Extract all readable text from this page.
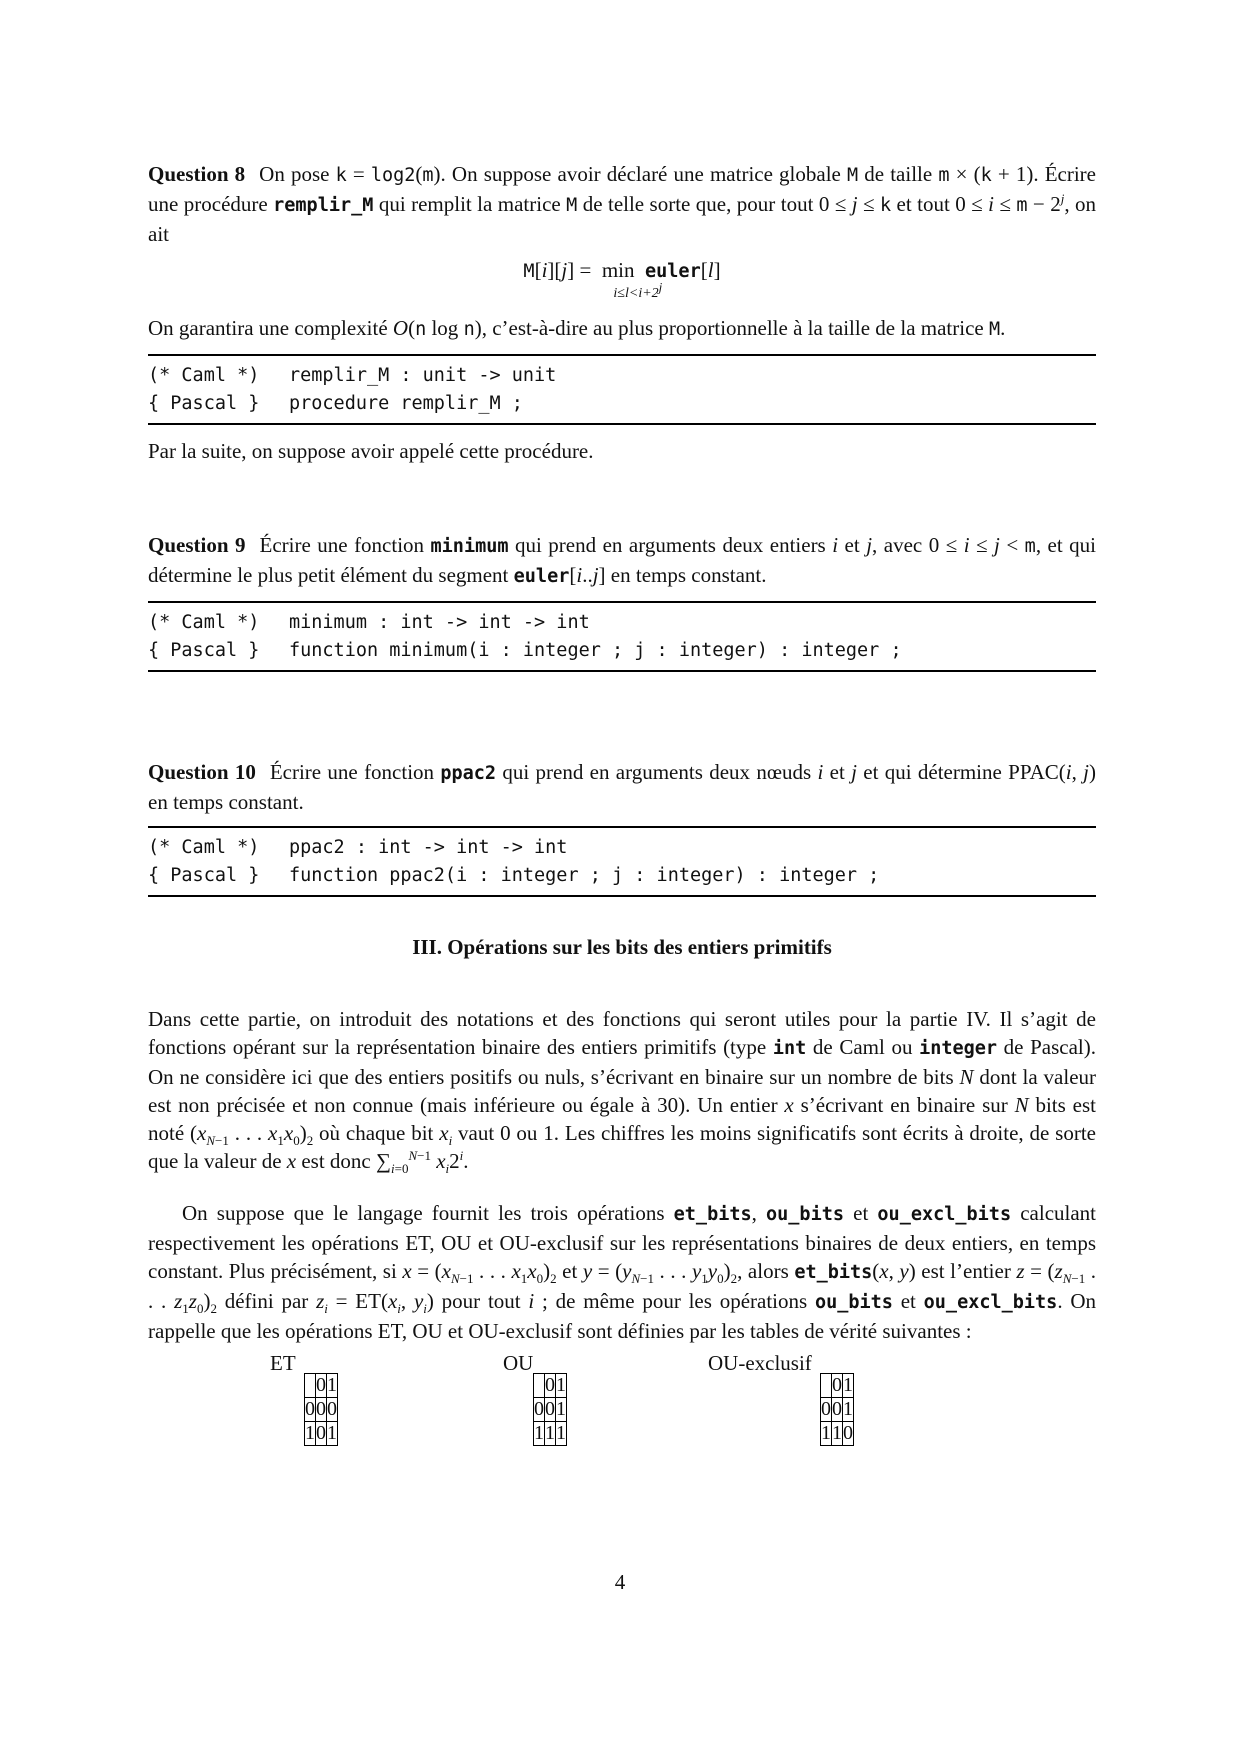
Question 8 On pose k = log2(m). On suppose avoir déclaré une matrice globale M de taille m × (k + 1). Écrire une procédure remplir_M qui remplit la matrice M de telle sorte que, pour tout 0 ≤ j ≤ k et tout $0 \le i \le m - 2^j$, on ait

M[i][j] =  min  euler[l]
$i\le l<i+2^j$

On garantira une complexité O(n log n), c’est-à-dire au plus proportionnelle à la taille de la matrice M.

(* Caml *)	remplir_M : unit -> unit
{ Pascal }	procedure remplir_M ;

Par la suite, on suppose avoir appelé cette procédure.

Question 9 Écrire une fonction minimum qui prend en arguments deux entiers i et j, avec 0 ≤ i ≤ j < m, et qui détermine le plus petit élément du segment euler[i..j] en temps constant.

(* Caml *)	minimum : int -> int -> int
{ Pascal }	function minimum(i : integer ; j : integer) : integer ;

Question 10 Écrire une fonction ppac2 qui prend en arguments deux nœuds i et j et qui détermine PPAC(i, j) en temps constant.

(* Caml *)	ppac2 : int -> int -> int
{ Pascal }	function ppac2(i : integer ; j : integer) : integer ;
III. Opérations sur les bits des entiers primitifs

Dans cette partie, on introduit des notations et des fonctions qui seront utiles pour la partie IV. Il s’agit de fonctions opérant sur la représentation binaire des entiers primitifs (type int de Caml ou integer de Pascal). On ne considère ici que des entiers positifs ou nuls, s’écrivant en binaire sur un nombre de bits N dont la valeur est non précisée et non connue (mais inférieure ou égale à 30). Un entier x s’écrivant en binaire sur N bits est noté ($x_{N-1}$ . . . $x_1x_0)_2$ où chaque bit $x_i$ vaut 0 ou 1. Les chiffres les moins significatifs sont écrits à droite, de sorte que la valeur de x est donc $\sum_{i=0}^{N-1}$ $x_i2^i$.

On suppose que le langage fournit les trois opérations et_bits, ou_bits et ou_excl_bits calculant respectivement les opérations ET, OU et OU-exclusif sur les représentations binaires de deux entiers, en temps constant. Plus précisément, si $x = (x_{N-1}$ . . . $x_1x_0)_2$ et $y = (y_{N-1}$ . . . $y_1y_0)_2$, alors et_bits(x, y) est l’entier $z = (z_{N-1}$ . . . $z_1z_0)_2$ défini par $z_i = ET(x_i$, $y_i$) pour tout i ; de même pour les opérations ou_bits et ou_excl_bits. On rappelle que les opérations ET, OU et OU-exclusif sont définies par les tables de vérité suivantes :

ET
	0	1
0	0	0
1	0	1
OU
	0	1
0	0	1
1	1	1
OU-exclusif
	0	1
0	0	1
1	1	0
4
